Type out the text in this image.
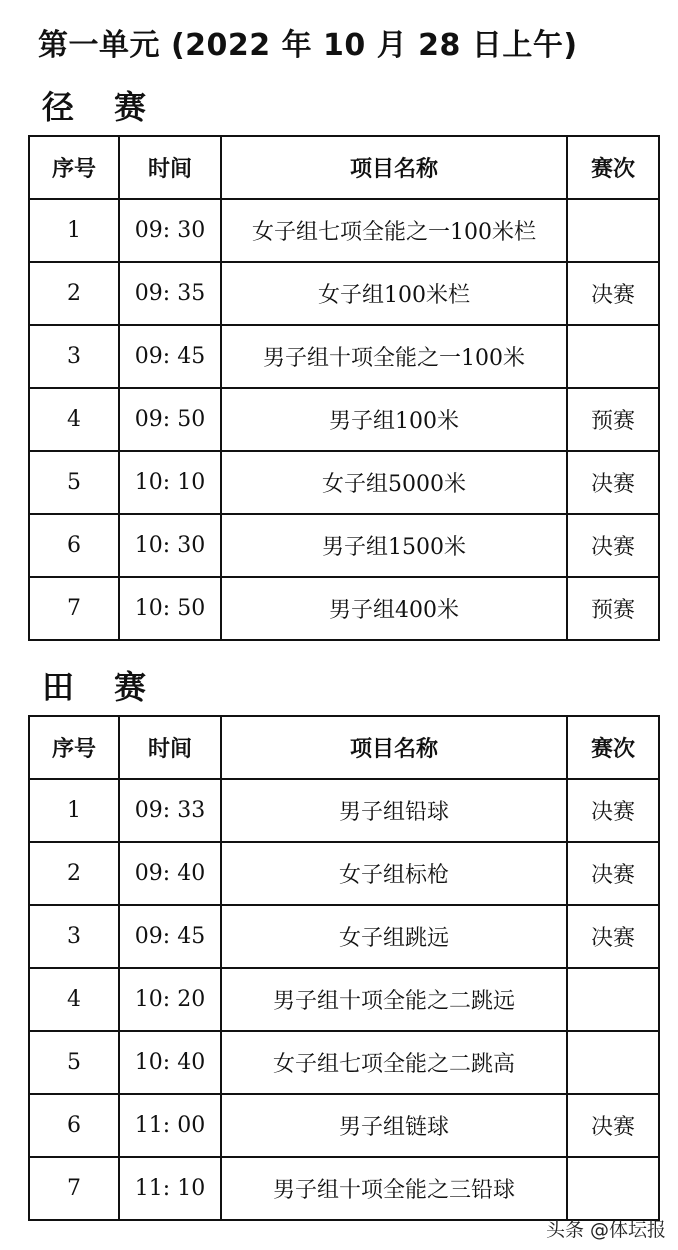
第一单元 (2022 年 10 月 28 日上午)
径赛
序号	时间	项目名称	赛次
1	09: 30	女子组七项全能之一100米栏	
2	09: 35	女子组100米栏	决赛
3	09: 45	男子组十项全能之一100米	
4	09: 50	男子组100米	预赛
5	10: 10	女子组5000米	决赛
6	10: 30	男子组1500米	决赛
7	10: 50	男子组400米	预赛
田赛
序号	时间	项目名称	赛次
1	09: 33	男子组铅球	决赛
2	09: 40	女子组标枪	决赛
3	09: 45	女子组跳远	决赛
4	10: 20	男子组十项全能之二跳远	
5	10: 40	女子组七项全能之二跳高	
6	11: 00	男子组链球	决赛
7	11: 10	男子组十项全能之三铅球	
头条 @体坛报
